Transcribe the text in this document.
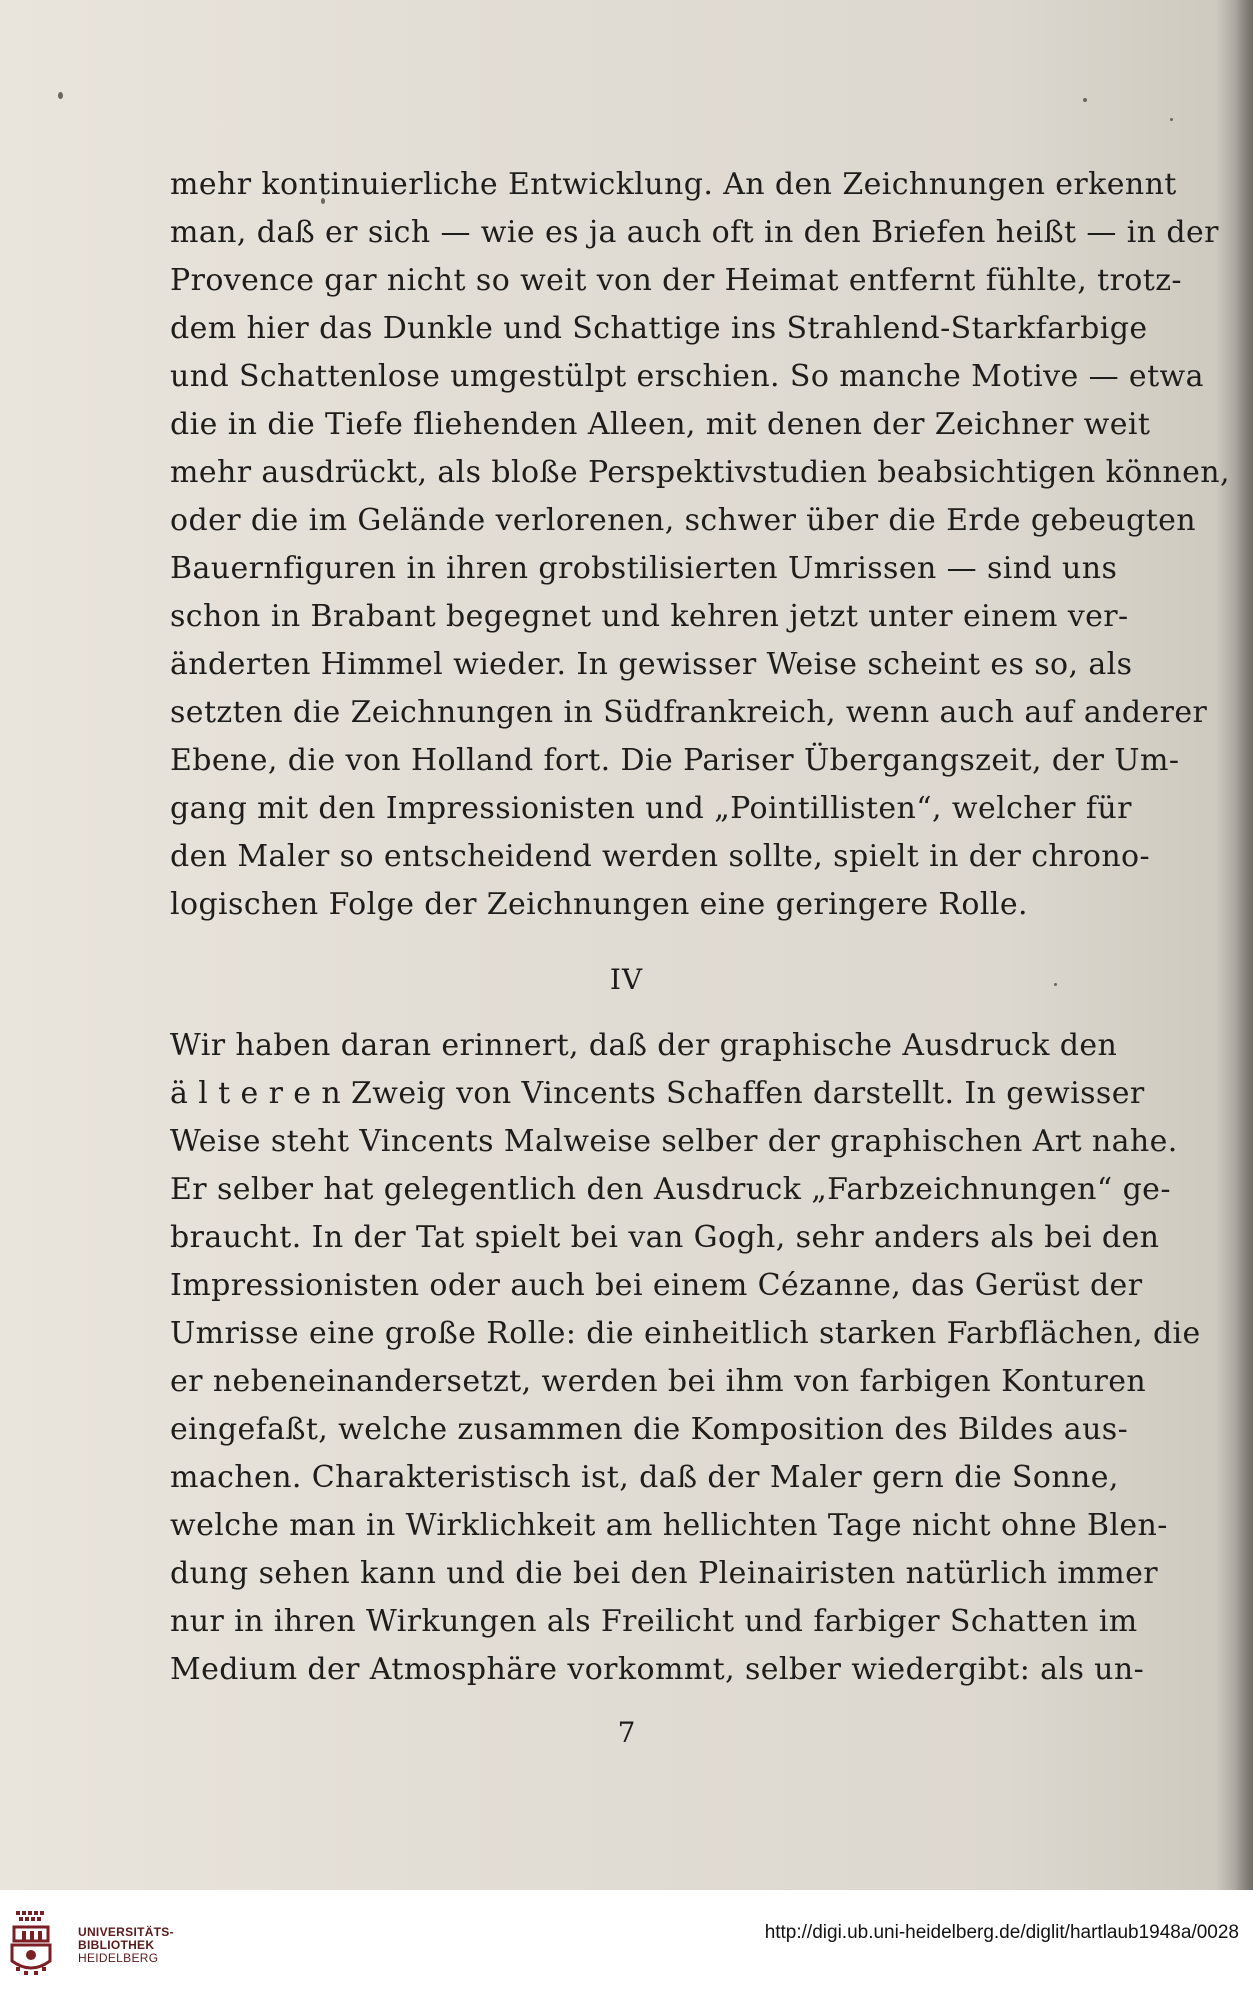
mehr kontinuierliche Entwicklung. An den Zeichnungen erkennt
man, daß er sich — wie es ja auch oft in den Briefen heißt — in der
Provence gar nicht so weit von der Heimat entfernt fühlte, trotz-
dem hier das Dunkle und Schattige ins Strahlend-Starkfarbige
und Schattenlose umgestülpt erschien. So manche Motive — etwa
die in die Tiefe fliehenden Alleen, mit denen der Zeichner weit
mehr ausdrückt, als bloße Perspektivstudien beabsichtigen können,
oder die im Gelände verlorenen, schwer über die Erde gebeugten
Bauernfiguren in ihren grobstilisierten Umrissen — sind uns
schon in Brabant begegnet und kehren jetzt unter einem ver-
änderten Himmel wieder. In gewisser Weise scheint es so, als
setzten die Zeichnungen in Südfrankreich, wenn auch auf anderer
Ebene, die von Holland fort. Die Pariser Übergangszeit, der Um-
gang mit den Impressionisten und „Pointillisten“, welcher für
den Maler so entscheidend werden sollte, spielt in der chrono-
logischen Folge der Zeichnungen eine geringere Rolle.
IV
Wir haben daran erinnert, daß der graphische Ausdruck den
ä l t e r e n Zweig von Vincents Schaffen darstellt. In gewisser
Weise steht Vincents Malweise selber der graphischen Art nahe.
Er selber hat gelegentlich den Ausdruck „Farbzeichnungen“ ge-
braucht. In der Tat spielt bei van Gogh, sehr anders als bei den
Impressionisten oder auch bei einem Cézanne, das Gerüst der
Umrisse eine große Rolle: die einheitlich starken Farbflächen, die
er nebeneinandersetzt, werden bei ihm von farbigen Konturen
eingefaßt, welche zusammen die Komposition des Bildes aus-
machen. Charakteristisch ist, daß der Maler gern die Sonne,
welche man in Wirklichkeit am hellichten Tage nicht ohne Blen-
dung sehen kann und die bei den Pleinairisten natürlich immer
nur in ihren Wirkungen als Freilicht und farbiger Schatten im
Medium der Atmosphäre vorkommt, selber wiedergibt: als un-
7
UNIVERSITÄTS-
BIBLIOTHEK
HEIDELBERG
http://digi.ub.uni-heidelberg.de/diglit/hartlaub1948a/0028
